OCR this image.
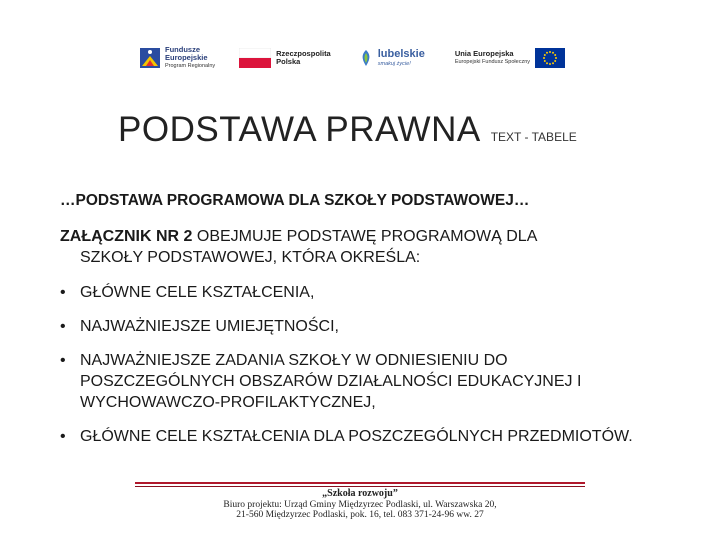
Fundusze
Europejskie
Program Regionalny
Rzeczpospolita
Polska
lubelskie
smakuj życie!
Unia Europejska
Europejski Fundusz Społeczny
PODSTAWA PRAWNA TEXT - TABELE
…PODSTAWA PROGRAMOWA DLA SZKOŁY PODSTAWOWEJ…
ZAŁĄCZNIK NR 2 OBEJMUJE PODSTAWĘ PROGRAMOWĄ DLA
SZKOŁY PODSTAWOWEJ, KTÓRA OKREŚLA:
• GŁÓWNE CELE KSZTAŁCENIA,
• NAJWAŻNIEJSZE UMIEJĘTNOŚCI,
• NAJWAŻNIEJSZE ZADANIA SZKOŁY W ODNIESIENIU DO POSZCZEGÓLNYCH OBSZARÓW DZIAŁALNOŚCI EDUKACYJNEJ I WYCHOWAWCZO-PROFILAKTYCZNEJ,
• GŁÓWNE CELE KSZTAŁCENIA DLA POSZCZEGÓLNYCH PRZEDMIOTÓW.
„Szkoła rozwoju”
Biuro projektu: Urząd Gminy Międzyrzec Podlaski, ul. Warszawska 20,
21-560 Międzyrzec Podlaski, pok. 16, tel. 083 371-24-96 ww. 27
